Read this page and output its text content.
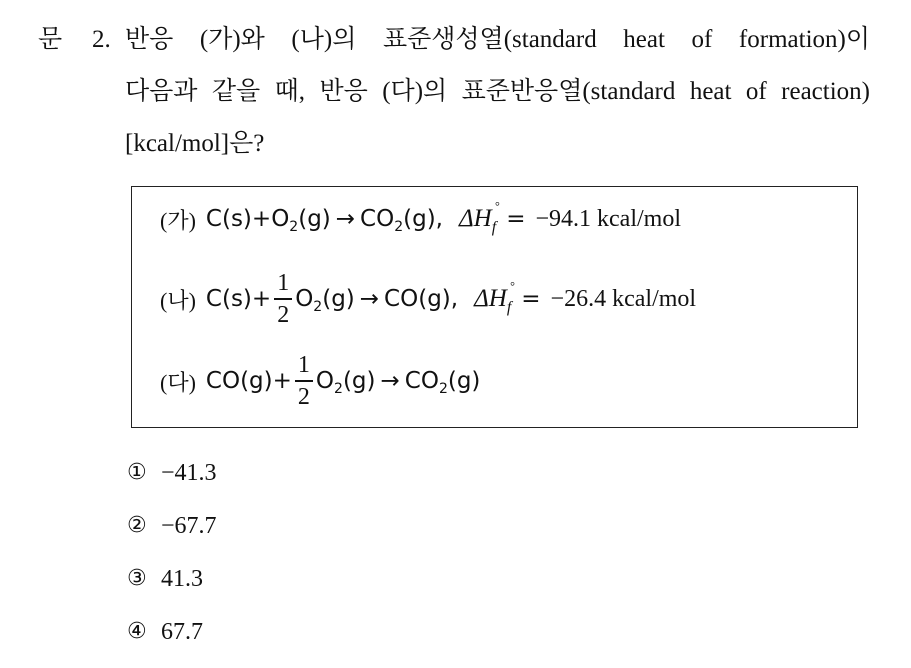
문 2. 반응 (가)와 (나)의 표준생성열(standard heat of formation)이
다음과 같을 때, 반응 (다)의 표준반응열(standard heat of reaction)
[kcal/mol]은?
(가) $C(s) + O_2(g) \to CO_2(g)$, ΔH °
$_f$ = −94.1 kcal/mol
(나) $C(s) + \frac{1}{2} O_2(g) \to CO(g)$, ΔH °
$_f$ = −26.4 kcal/mol
(다) $CO(g) + \frac{1}{2} O_2(g) \to CO_2(g)$
① −41.3
② −67.7
③ 41.3
④ 67.7
